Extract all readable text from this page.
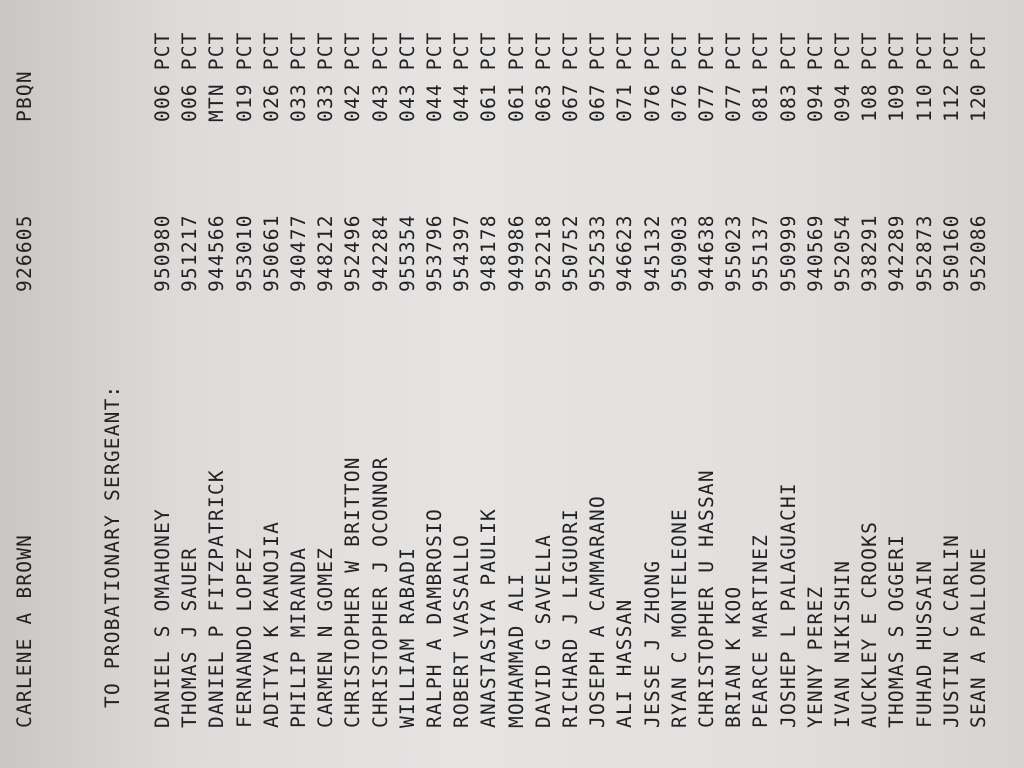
CARLENE A BROWN
926605
PBQN
TO PROBATIONARY SERGEANT: DANIEL S OMAHONEY
950980
006 PCT
THOMAS J SAUER
951217
006 PCT
DANIEL P FITZPATRICK
944566
MTN PCT
FERNANDO LOPEZ
953010
019 PCT
ADITYA K KANOJIA
950661
026 PCT
PHILIP MIRANDA
940477
033 PCT
CARMEN N GOMEZ
948212
033 PCT
CHRISTOPHER W BRITTON
952496
042 PCT
CHRISTOPHER J OCONNOR
942284
043 PCT
WILLIAM RABADI
955354
043 PCT
RALPH A DAMBROSIO
953796
044 PCT
ROBERT VASSALLO
954397
044 PCT
ANASTASIYA PAULIK
948178
061 PCT
MOHAMMAD ALI
949986
061 PCT
DAVID G SAVELLA
952218
063 PCT
RICHARD J LIGUORI
950752
067 PCT
JOSEPH A CAMMARANO
952533
067 PCT
ALI HASSAN
946623
071 PCT
JESSE J ZHONG
945132
076 PCT
RYAN C MONTELEONE
950903
076 PCT
CHRISTOPHER U HASSAN
944638
077 PCT
BRIAN K KOO
955023
077 PCT
PEARCE MARTINEZ
955137
081 PCT
JOSHEP L PALAGUACHI
950999
083 PCT
YENNY PEREZ
940569
094 PCT
IVAN NIKISHIN
952054
094 PCT
AUCKLEY E CROOKS
938291
108 PCT
THOMAS S OGGERI
942289
109 PCT
FUHAD HUSSAIN
952873
110 PCT
JUSTIN C CARLIN
950160
112 PCT
SEAN A PALLONE
952086
120 PCT
